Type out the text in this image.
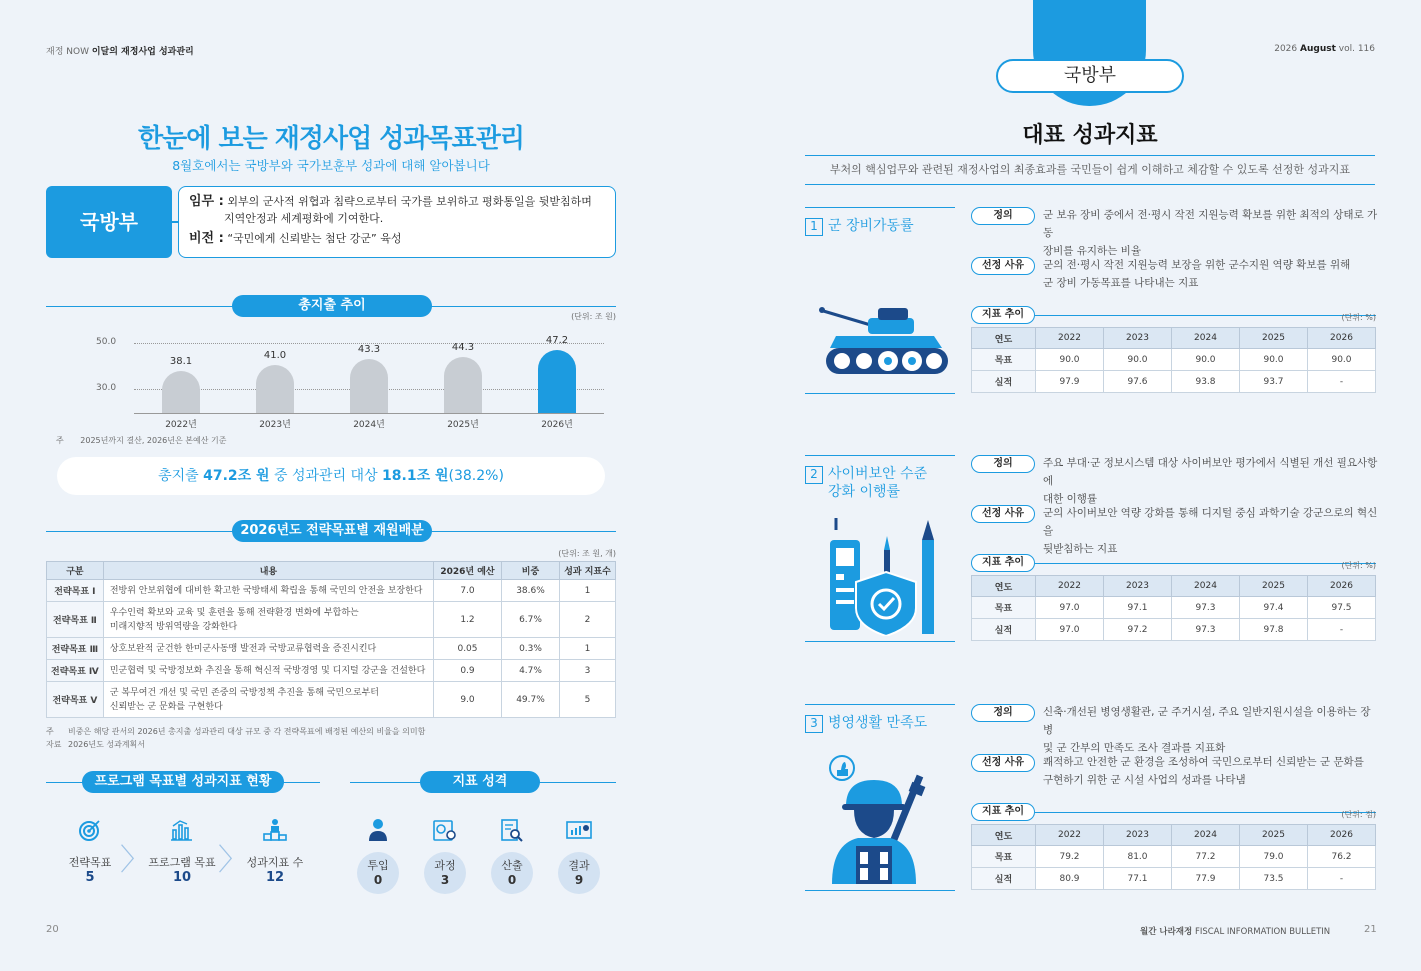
재정 NOW 이달의 재정사업 성과관리
한눈에 보는 재정사업 성과목표관리
8월호에서는 국방부와 국가보훈부 성과에 대해 알아봅니다
국방부
임무 : 외부의 군사적 위협과 침략으로부터 국가를 보위하고 평화통일을 뒷받침하며
지역안정과 세계평화에 기여한다.
비전 : “국민에게 신뢰받는 첨단 강군” 육성
총지출 추이
(단위: 조 원)
50.0
30.0
38.1
41.0	43.3	44.3
47.2
2022년	2023년	2024년	2025년	2026년
주 2025년까지 결산, 2026년은 본예산 기준
총지출 47.2조 원 중 성과관리 대상 18.1조 원(38.2%)
2026년도 전략목표별 재원배분
(단위: 조 원, 개)
구분	내용	2026년 예산	비중	성과 지표수
전략목표 Ⅰ	전방위 안보위협에 대비한 확고한 국방태세 확립을 통해 국민의 안전을 보장한다	7.0	38.6%	1
전략목표 Ⅱ	우수인력 확보와 교육 및 훈련을 통해 전략환경 변화에 부합하는
미래지향적 방위역량을 강화한다	1.2	6.7%	2
전략목표 Ⅲ	상호보완적 굳건한 한미군사동맹 발전과 국방교류협력을 증진시킨다	0.05	0.3%	1
전략목표 Ⅳ	민군협력 및 국방정보화 추진을 통해 혁신적 국방경영 및 디지털 강군을 건설한다	0.9	4.7%	3
전략목표 Ⅴ	군 복무여건 개선 및 국민 존중의 국방정책 추진을 통해 국민으로부터
신뢰받는 군 문화를 구현한다	9.0	49.7%	5
주 비중은 해당 관서의 2026년 총지출 성과관리 대상 규모 중 각 전략목표에 배정된 예산의 비율을 의미함
자료 2026년도 성과계획서
프로그램 목표별 성과지표 현황	지표 성격
전략목표
5 〉
프로그램 목표
10 〉
성과지표 수
12
투입
0
과정
3
산출
0
결과
9
20
국방부
2026 August vol. 116
대표 성과지표
부처의 핵심업무와 관련된 재정사업의 최종효과를 국민들이 쉽게 이해하고 체감할 수 있도록 선정한 성과지표
1 군 장비가동률
정의	군 보유 장비 중에서 전·평시 작전 지원능력 확보를 위한 최적의 상태로 가동
장비를 유지하는 비율
선정 사유	군의 전·평시 작전 지원능력 보장을 위한 군수지원 역량 확보를 위해
군 장비 가동목표를 나타내는 지표
지표 추이	(단위: %)
연도	2022	2023	2024	2025	2026
목표	90.0	90.0	90.0	90.0	90.0
실적	97.9	97.6	93.8	93.7	-
2 사이버보안 수준
강화 이행률
정의	주요 부대·군 정보시스템 대상 사이버보안 평가에서 식별된 개선 필요사항에
대한 이행률
선정 사유	군의 사이버보안 역량 강화를 통해 디지털 중심 과학기술 강군으로의 혁신을
뒷받침하는 지표
지표 추이	(단위: %)
연도	2022	2023	2024	2025	2026
목표	97.0	97.1	97.3	97.4	97.5
실적	97.0	97.2	97.3	97.8	-
3 병영생활 만족도
정의	신축·개선된 병영생활관, 군 주거시설, 주요 일반지원시설을 이용하는 장병
및 군 간부의 만족도 조사 결과를 지표화
선정 사유	쾌적하고 안전한 군 환경을 조성하여 국민으로부터 신뢰받는 군 문화를
구현하기 위한 군 시설 사업의 성과를 나타냄
지표 추이	(단위: 점)
연도	2022	2023	2024	2025	2026
목표	79.2	81.0	77.2	79.0	76.2
실적	80.9	77.1	77.9	73.5	-
월간 나라재정 FISCAL INFORMATION BULLETIN	21
